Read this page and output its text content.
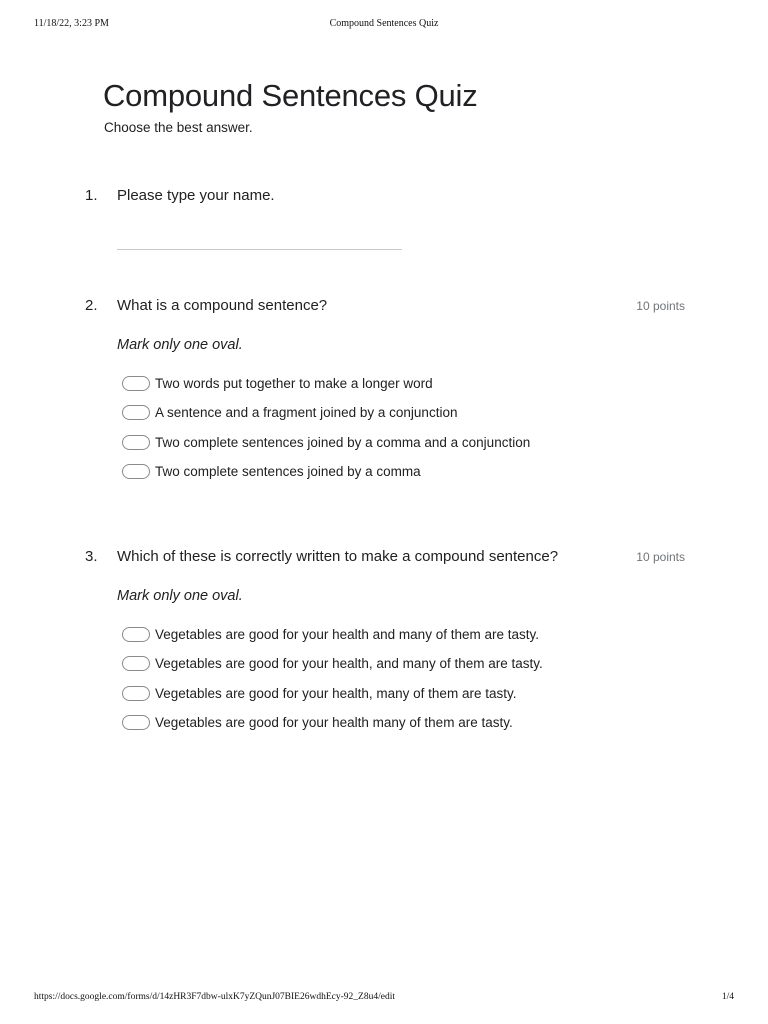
11/18/22, 3:23 PM	Compound Sentences Quiz
Compound Sentences Quiz
Choose the best answer.
1. Please type your name.
2. What is a compound sentence?	10 points
Mark only one oval.
Two words put together to make a longer word
A sentence and a fragment joined by a conjunction
Two complete sentences joined by a comma and a conjunction
Two complete sentences joined by a comma
3. Which of these is correctly written to make a compound sentence?	10 points
Mark only one oval.
Vegetables are good for your health and many of them are tasty.
Vegetables are good for your health, and many of them are tasty.
Vegetables are good for your health, many of them are tasty.
Vegetables are good for your health many of them are tasty.
https://docs.google.com/forms/d/14zHR3F7dbw-ulxK7yZQunJ07BIE26wdhEcy-92_Z8u4/edit	1/4
